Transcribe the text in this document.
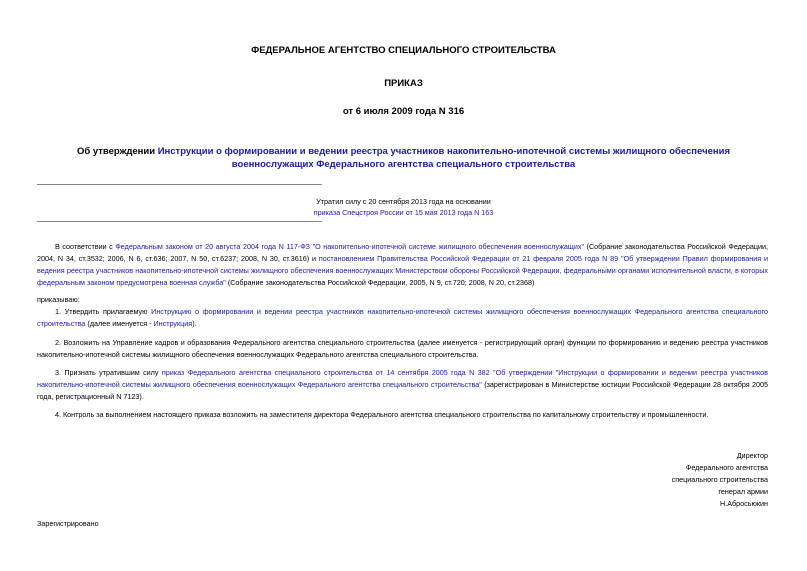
ФЕДЕРАЛЬНОЕ АГЕНТСТВО СПЕЦИАЛЬНОГО СТРОИТЕЛЬСТВА
ПРИКАЗ
от 6 июля 2009 года N 316
Об утверждении Инструкции о формировании и ведении реестра участников накопительно-ипотечной системы жилищного обеспечения военнослужащих Федерального агентства специального строительства
Утратил силу с 20 сентября 2013 года на основании
приказа Спецстроя России от 15 мая 2013 года N 163

В соответствии с Федеральным законом от 20 августа 2004 года N 117-ФЗ "О накопительно-ипотечной системе жилищного обеспечения военнослужащих" (Собрание законодательства Российской Федерации, 2004, N 34, ст.3532; 2006, N 6, ст.636; 2007, N 50, ст.6237; 2008, N 30, ст.3616) и постановлением Правительства Российской Федерации от 21 февраля 2005 года N 89 "Об утверждении Правил формирования и ведения реестра участников накопительно-ипотечной системы жилищного обеспечения военнослужащих Министерством обороны Российской Федерации, федеральными органами исполнительной власти, в которых федеральным законом предусмотрена военная служба" (Собрание законодательства Российской Федерации, 2005, N 9, ст.720; 2008, N 20, ст.2368)

приказываю:

1. Утвердить прилагаемую Инструкцию о формировании и ведении реестра участников накопительно-ипотечной системы жилищного обеспечения военнослужащих Федерального агентства специального строительства (далее именуется - Инструкция).

2. Возложить на Управление кадров и образования Федерального агентства специального строительства (далее именуется - регистрирующий орган) функции по формированию и ведению реестра участников накопительно-ипотечной системы жилищного обеспечения военнослужащих Федерального агентства специального строительства.

3. Признать утратившим силу приказ Федерального агентства специального строительства от 14 сентября 2005 года N 382 "Об утверждении "Инструкции о формировании и ведении реестра участников накопительно-ипотечной системы жилищного обеспечения военнослужащих Федерального агентства специального строительства" (зарегистрирован в Министерстве юстиции Российской Федерации 28 октября 2005 года, регистрационный N 7123).

4. Контроль за выполнением настоящего приказа возложить на заместителя директора Федерального агентства специального строительства по капитальному строительству и промышленности.

Директор
Федерального агентства
специального строительства
генерал армии
Н.Абросьюкин
Зарегистрировано
